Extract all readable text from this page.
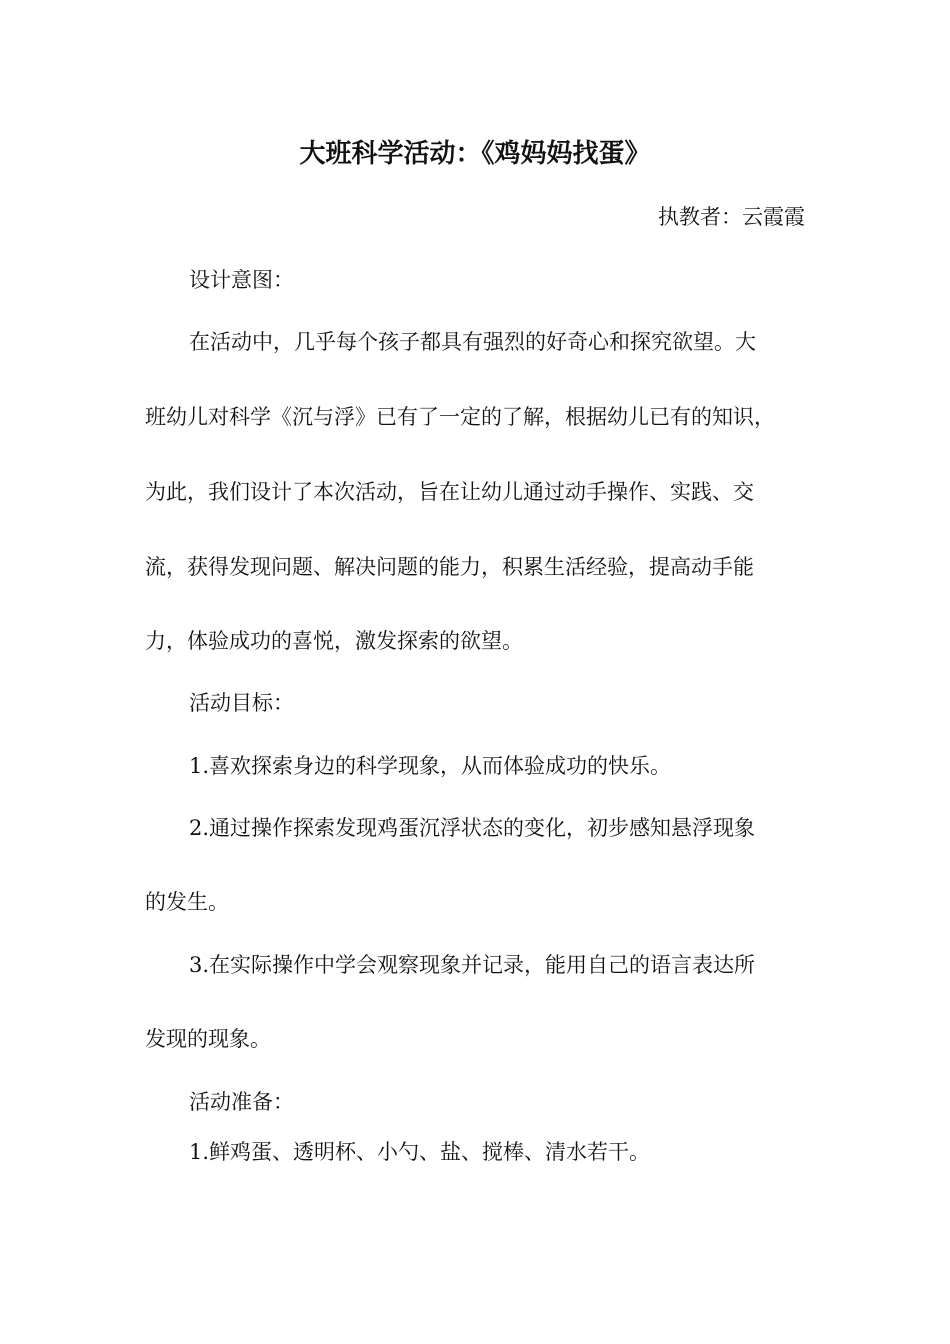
大班科学活动：《鸡妈妈找蛋》
执教者：云霞霞
设计意图：
在活动中，几乎每个孩子都具有强烈的好奇心和探究欲望。大
班幼儿对科学《沉与浮》已有了一定的了解，根据幼儿已有的知识，
为此，我们设计了本次活动，旨在让幼儿通过动手操作、实践、交
流，获得发现问题、解决问题的能力，积累生活经验，提高动手能
力，体验成功的喜悦，激发探索的欲望。
活动目标：
1.喜欢探索身边的科学现象，从而体验成功的快乐。
2.通过操作探索发现鸡蛋沉浮状态的变化，初步感知悬浮现象
的发生。
3.在实际操作中学会观察现象并记录，能用自己的语言表达所
发现的现象。
活动准备：
1.鲜鸡蛋、透明杯、小勺、盐、搅棒、清水若干。
